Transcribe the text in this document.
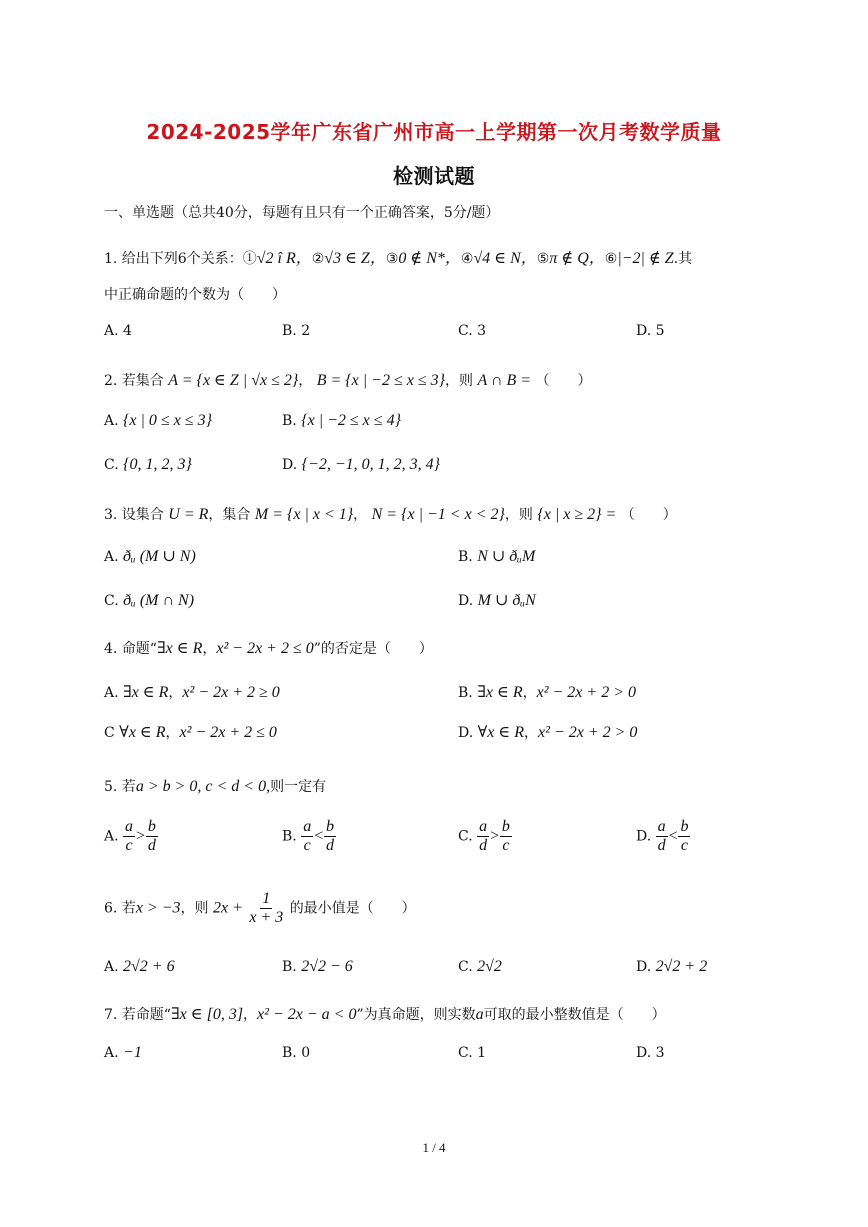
2024-2025学年广东省广州市高一上学期第一次月考数学质量
检测试题
一、单选题（总共40分，每题有且只有一个正确答案，5分/题）
1. 给出下列6个关系：①√2 î R，②√3 ∈ Z，③0 ∉ N*，④√4 ∈ N，⑤π ∉ Q，⑥|−2| ∉ Z.其
中正确命题的个数为（　　）
A. 4	B. 2	C. 3	D. 5
2. 若集合 A = {x ∈ Z | √x ≤ 2}， B = {x | −2 ≤ x ≤ 3}，则 A ∩ B = （　　）
A. {x | 0 ≤ x ≤ 3}	B. {x | −2 ≤ x ≤ 4}
C. {0, 1, 2, 3}	D. {−2, −1, 0, 1, 2, 3, 4}
3. 设集合 U = R，集合 M = {x | x < 1}， N = {x | −1 < x < 2}，则 {x | x ≥ 2} = （　　）
A. ðᵤ (M ∪ N)	B. N ∪ ðᵤM
C. ðᵤ (M ∩ N)	D. M ∪ ðᵤN
4. 命题“∃x ∈ R，x² − 2x + 2 ≤ 0”的否定是（　　）
A. ∃x ∈ R，x² − 2x + 2 ≥ 0	B. ∃x ∈ R，x² − 2x + 2 > 0
C ∀x ∈ R，x² − 2x + 2 ≤ 0	D. ∀x ∈ R，x² − 2x + 2 > 0
5. 若a > b > 0, c < d < 0,则一定有
A. $\frac{a}{c} > \frac{b}{d}$	B. $\frac{a}{c} < \frac{b}{d}$	C. $\frac{a}{d} > \frac{b}{c}$	D. $\frac{a}{d} < \frac{b}{c}$
6. 若x > −3，则 $2x + \frac{1}{x + 3}$ 的最小值是（　　）
A. 2√2 + 6	B. 2√2 − 6	C. 2√2	D. 2√2 + 2
7. 若命题“∃x ∈ [0, 3]，x² − 2x − a < 0”为真命题，则实数a可取的最小整数值是（　　）
A. −1	B. 0	C. 1	D. 3
1 / 4
